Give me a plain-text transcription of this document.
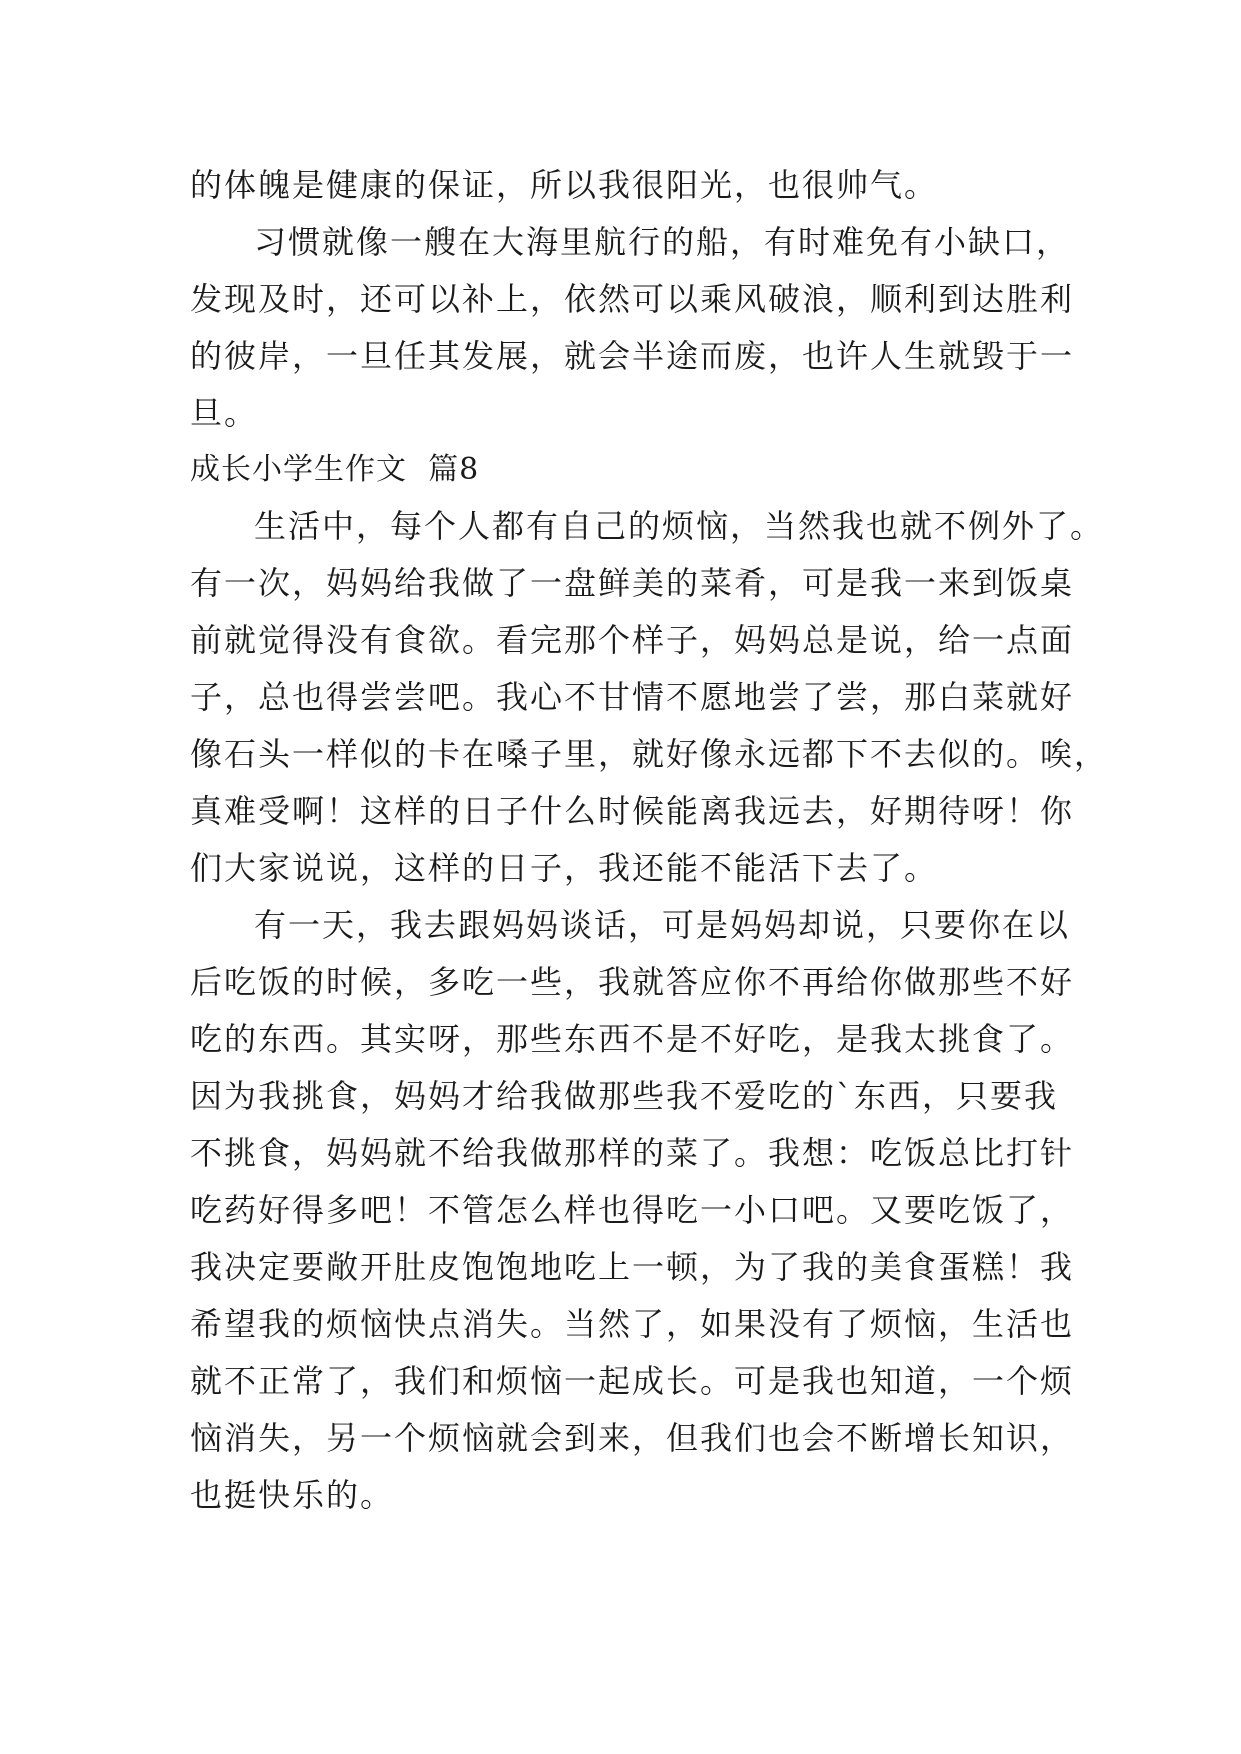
的体魄是健康的保证，所以我很阳光，也很帅气。
习惯就像一艘在大海里航行的船，有时难免有小缺口，
发现及时，还可以补上，依然可以乘风破浪，顺利到达胜利
的彼岸，一旦任其发展，就会半途而废，也许人生就毁于一
旦。
成长小学生作文  篇8
生活中，每个人都有自己的烦恼，当然我也就不例外了。
有一次，妈妈给我做了一盘鲜美的菜肴，可是我一来到饭桌
前就觉得没有食欲。看完那个样子，妈妈总是说，给一点面
子，总也得尝尝吧。我心不甘情不愿地尝了尝，那白菜就好
像石头一样似的卡在嗓子里，就好像永远都下不去似的。唉，
真难受啊！这样的日子什么时候能离我远去，好期待呀！你
们大家说说，这样的日子，我还能不能活下去了。
有一天，我去跟妈妈谈话，可是妈妈却说，只要你在以
后吃饭的时候，多吃一些，我就答应你不再给你做那些不好
吃的东西。其实呀，那些东西不是不好吃，是我太挑食了。
因为我挑食，妈妈才给我做那些我不爱吃的`东西，只要我
不挑食，妈妈就不给我做那样的菜了。我想：吃饭总比打针
吃药好得多吧！不管怎么样也得吃一小口吧。又要吃饭了，
我决定要敞开肚皮饱饱地吃上一顿，为了我的美食蛋糕！我
希望我的烦恼快点消失。当然了，如果没有了烦恼，生活也
就不正常了，我们和烦恼一起成长。可是我也知道，一个烦
恼消失，另一个烦恼就会到来，但我们也会不断增长知识，
也挺快乐的。
